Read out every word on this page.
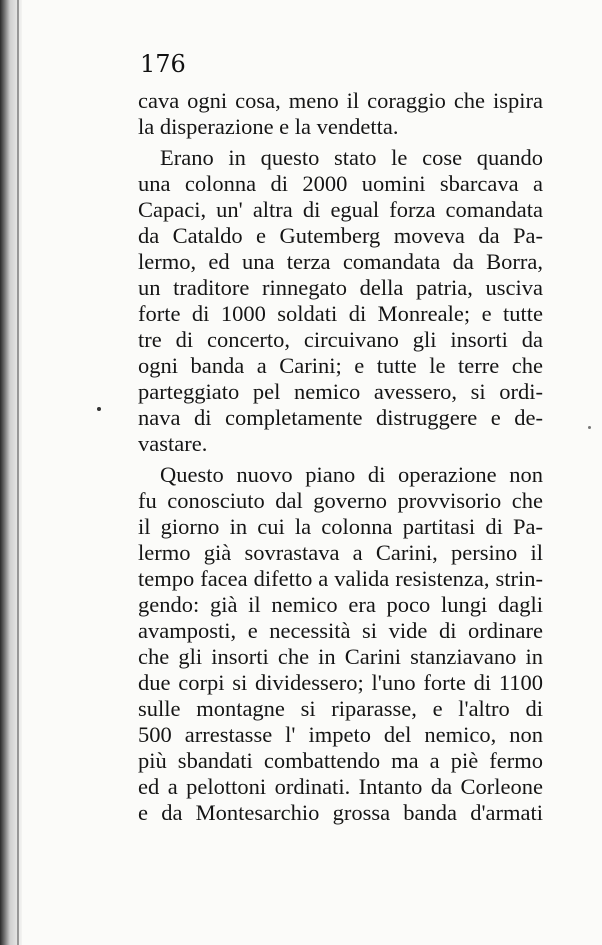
176
cava ogni cosa, meno il coraggio che ispira
la disperazione e la vendetta.
Erano in questo stato le cose quando
una colonna di 2000 uomini sbarcava a
Capaci, un' altra di egual forza comandata
da Cataldo e Gutemberg moveva da Pa-
lermo, ed una terza comandata da Borra,
un traditore rinnegato della patria, usciva
forte di 1000 soldati di Monreale; e tutte
tre di concerto, circuivano gli insorti da
ogni banda a Carini; e tutte le terre che
parteggiato pel nemico avessero, si ordi-
nava di completamente distruggere e de-
vastare.
Questo nuovo piano di operazione non
fu conosciuto dal governo provvisorio che
il giorno in cui la colonna partitasi di Pa-
lermo già sovrastava a Carini, persino il
tempo facea difetto a valida resistenza, strin-
gendo: già il nemico era poco lungi dagli
avamposti, e necessità si vide di ordinare
che gli insorti che in Carini stanziavano in
due corpi si dividessero; l'uno forte di 1100
sulle montagne si riparasse, e l'altro di
500 arrestasse l' impeto del nemico, non
più sbandati combattendo ma a piè fermo
ed a pelottoni ordinati. Intanto da Corleone
e da Montesarchio grossa banda d'armati
